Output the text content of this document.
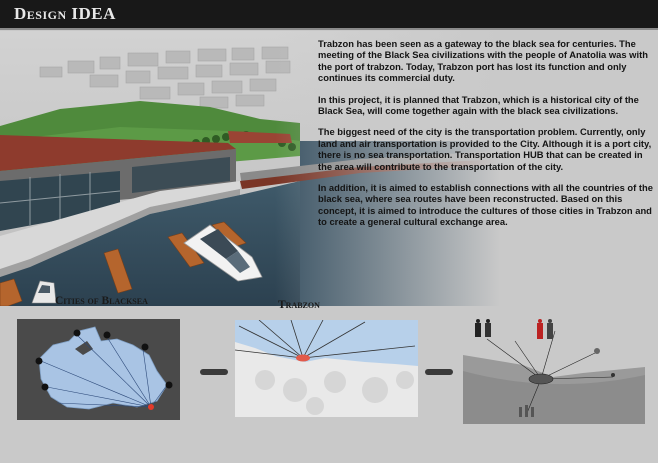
Design IDEA

Trabzon has been seen as a gateway to the black sea for centuries. The meeting of the Black Sea civilizations with the people of Anatolia was with the port of trabzon. Today, Trabzon port has lost its function and only continues its commercial duty.

In this project, it is planned that Trabzon, which is a historical city of the Black Sea, will come together again with the black sea civilizations.

The biggest need of the city is the transportation problem. Currently, only land and air transportation is provided to the City. Although it is a port city, there is no sea transportation. Transportation HUB that can be created in the area will contribute to the transportation of the city.

In addition, it is aimed to establish connections with all the countries of the black sea, where sea routes have been reconstructed. Based on this concept, it is aimed to introduce the cultures of those cities in Trabzon and to create a general cultural exchange area.

Cities of Blacksea	Trabzon
